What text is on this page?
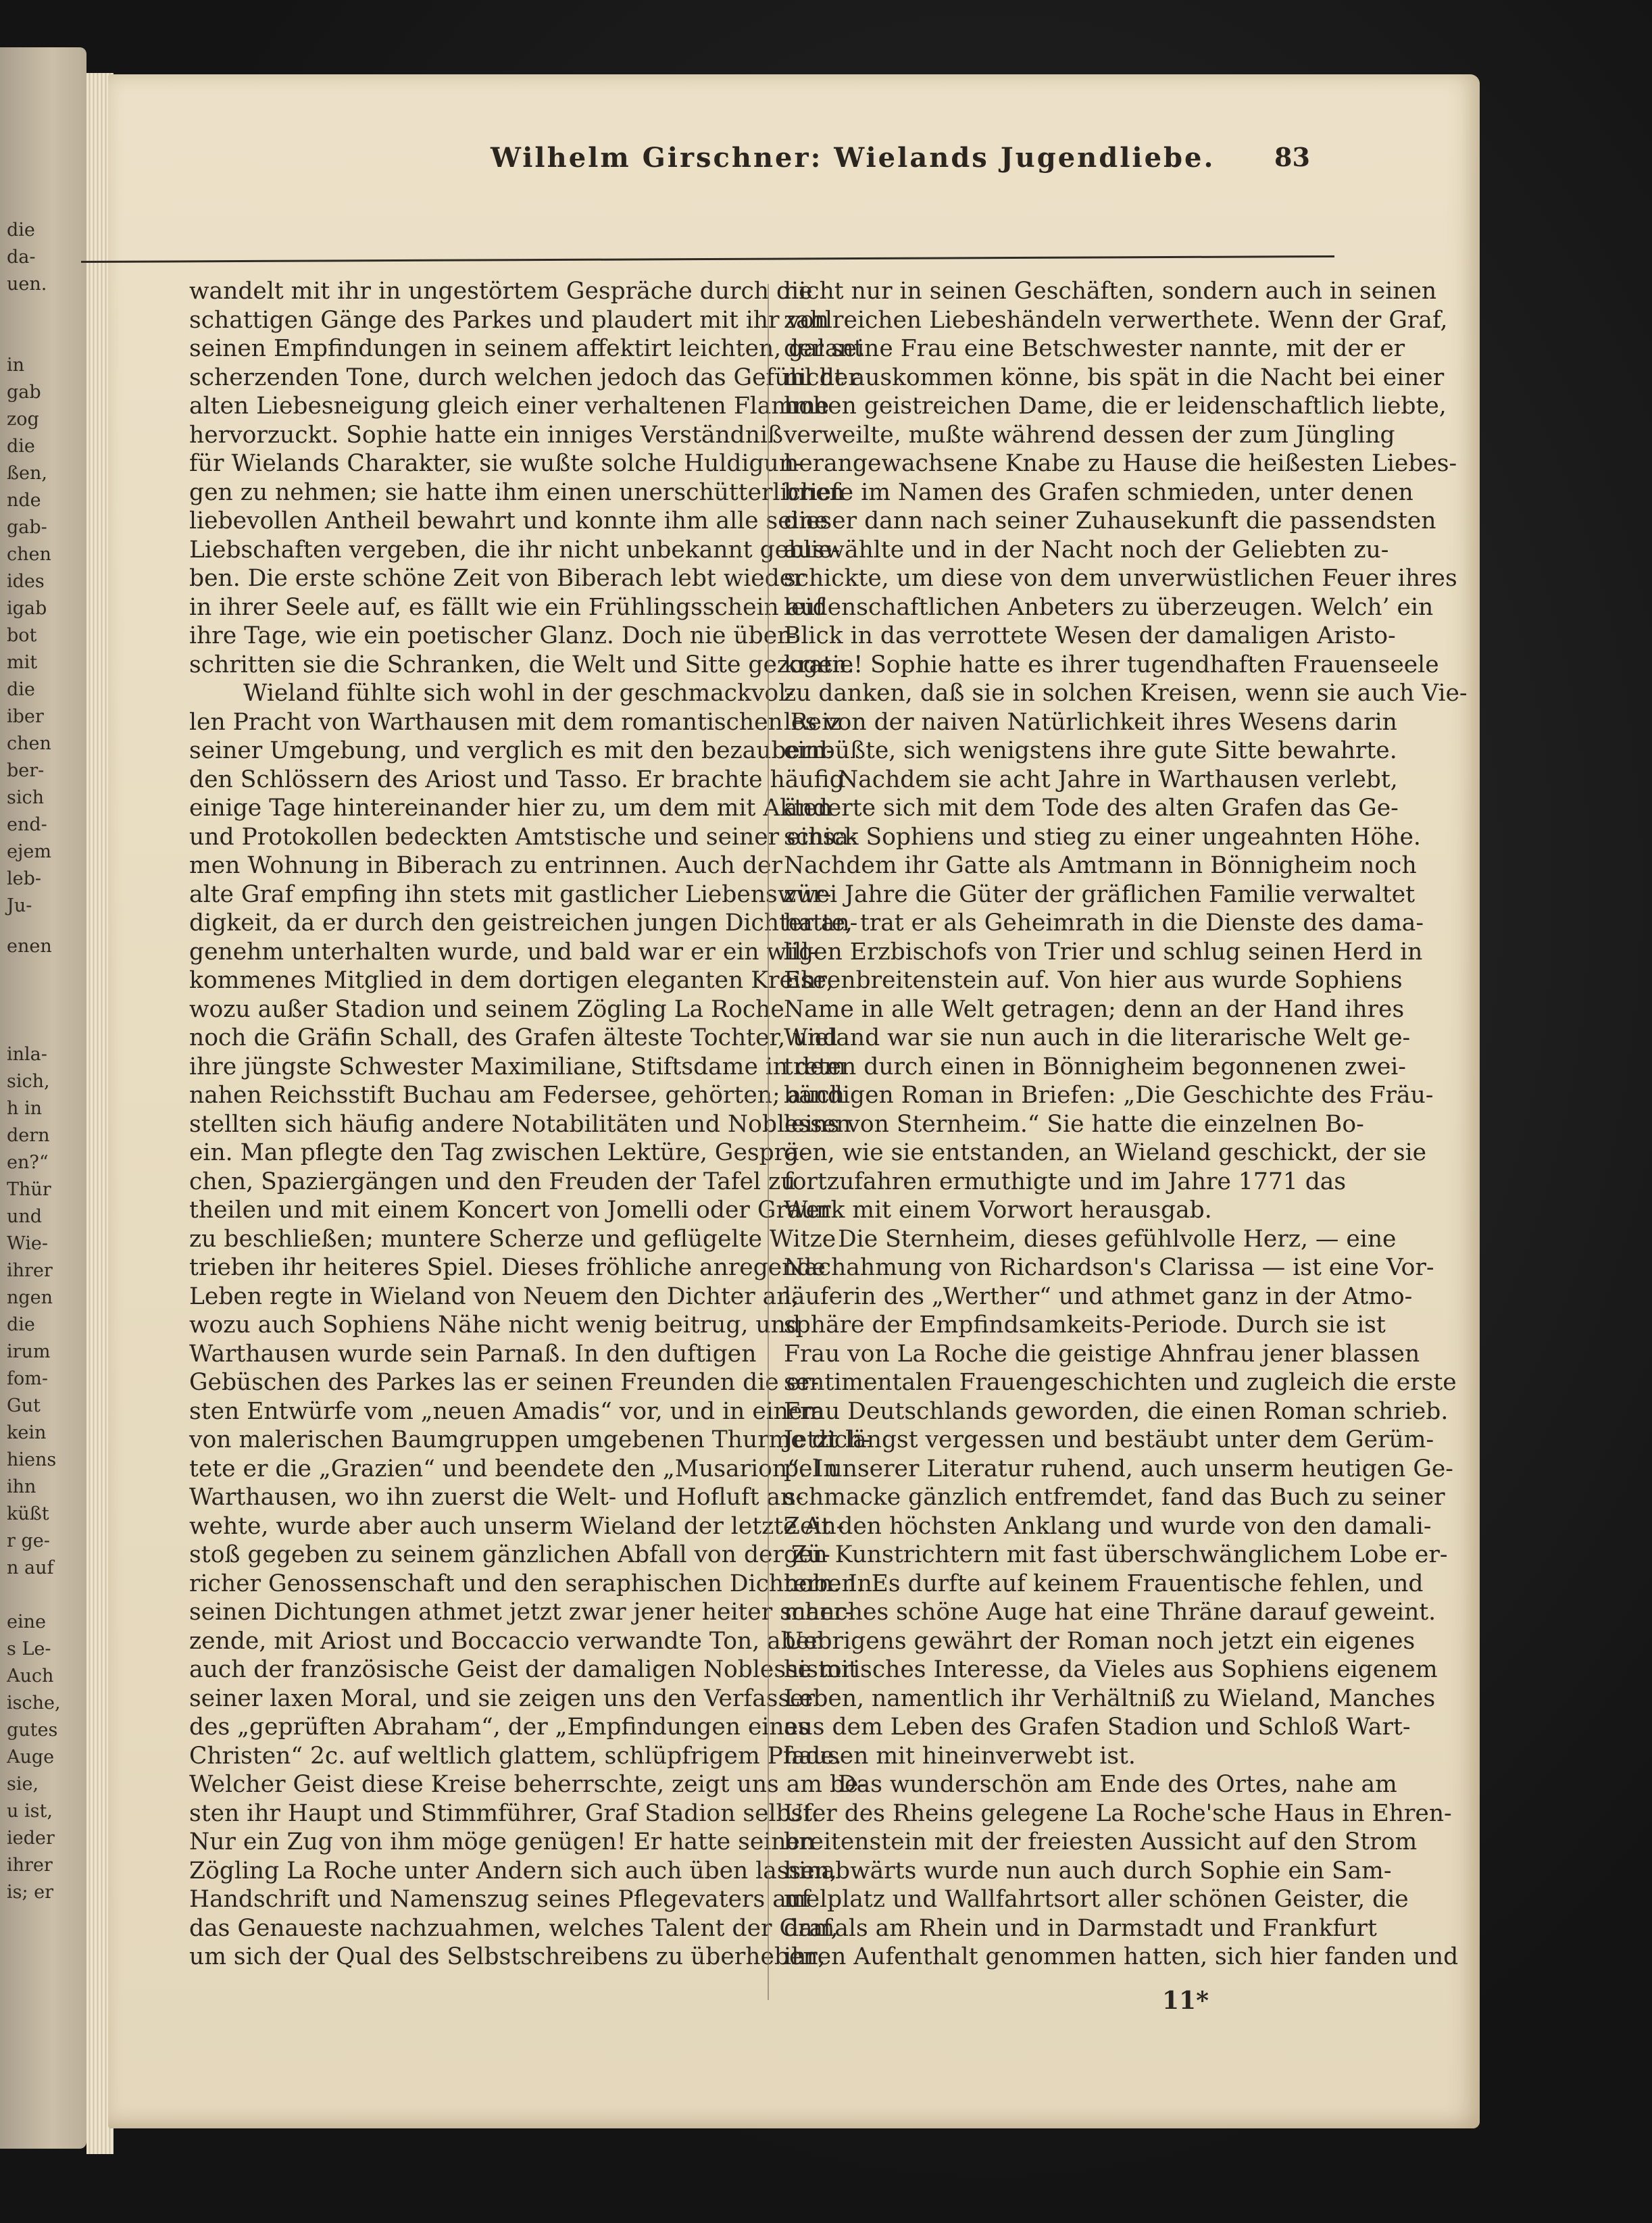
die
da-
uen.
in
gab
zog
die
ßen,
nde
gab-
chen
ides
igab
bot
mit
die
iber
chen
ber-
sich
end-
ejem
leb-
Ju-
enen
inla-
sich,
h in
dern
en?“
Thür
und
Wie-
ihrer
ngen
die
irum
fom-
Gut
kein
hiens
ihn
küßt
r ge-
n auf
eine
s Le-
Auch
ische,
gutes
Auge
sie,
u ist,
ieder
ihrer
is; er
Wilhelm Girschner: Wielands Jugendliebe. 83
wandelt mit ihr in ungestörtem Gespräche durch die
schattigen Gänge des Parkes und plaudert mit ihr von
seinen Empfindungen in seinem affektirt leichten, galant
scherzenden Tone, durch welchen jedoch das Gefühl der
alten Liebesneigung gleich einer verhaltenen Flamme
hervorzuckt. Sophie hatte ein inniges Verständniß
für Wielands Charakter, sie wußte solche Huldigun-
gen zu nehmen; sie hatte ihm einen unerschütterlichen
liebevollen Antheil bewahrt und konnte ihm alle seine
Liebschaften vergeben, die ihr nicht unbekannt geblie-
ben. Die erste schöne Zeit von Biberach lebt wieder
in ihrer Seele auf, es fällt wie ein Frühlingsschein auf
ihre Tage, wie ein poetischer Glanz. Doch nie über-
schritten sie die Schranken, die Welt und Sitte gezogen.
Wieland fühlte sich wohl in der geschmackvol-
len Pracht von Warthausen mit dem romantischen Reiz
seiner Umgebung, und verglich es mit den bezaubern-
den Schlössern des Ariost und Tasso. Er brachte häufig
einige Tage hintereinander hier zu, um dem mit Akten
und Protokollen bedeckten Amtstische und seiner einsa-
men Wohnung in Biberach zu entrinnen. Auch der
alte Graf empfing ihn stets mit gastlicher Liebenswür-
digkeit, da er durch den geistreichen jungen Dichter an-
genehm unterhalten wurde, und bald war er ein will-
kommenes Mitglied in dem dortigen eleganten Kreise,
wozu außer Stadion und seinem Zögling La Roche
noch die Gräfin Schall, des Grafen älteste Tochter, und
ihre jüngste Schwester Maximiliane, Stiftsdame in dem
nahen Reichsstift Buchau am Federsee, gehörten; auch
stellten sich häufig andere Notabilitäten und Noblessen
ein. Man pflegte den Tag zwischen Lektüre, Gesprä-
chen, Spaziergängen und den Freuden der Tafel zu
theilen und mit einem Koncert von Jomelli oder Graun
zu beschließen; muntere Scherze und geflügelte Witze
trieben ihr heiteres Spiel. Dieses fröhliche anregende
Leben regte in Wieland von Neuem den Dichter an,
wozu auch Sophiens Nähe nicht wenig beitrug, und
Warthausen wurde sein Parnaß. In den duftigen
Gebüschen des Parkes las er seinen Freunden die er-
sten Entwürfe vom „neuen Amadis“ vor, und in einem
von malerischen Baumgruppen umgebenen Thurme dich-
tete er die „Grazien“ und beendete den „Musarion“. In
Warthausen, wo ihn zuerst die Welt- und Hofluft an-
wehte, wurde aber auch unserm Wieland der letzte An-
stoß gegeben zu seinem gänzlichen Abfall von der Zü-
richer Genossenschaft und den seraphischen Dichtern. In
seinen Dichtungen athmet jetzt zwar jener heiter scher-
zende, mit Ariost und Boccaccio verwandte Ton, aber
auch der französische Geist der damaligen Noblesse mit
seiner laxen Moral, und sie zeigen uns den Verfasser
des „geprüften Abraham“, der „Empfindungen eines
Christen“ 2c. auf weltlich glattem, schlüpfrigem Pfade.
Welcher Geist diese Kreise beherrschte, zeigt uns am be-
sten ihr Haupt und Stimmführer, Graf Stadion selbst.
Nur ein Zug von ihm möge genügen! Er hatte seinen
Zögling La Roche unter Andern sich auch üben lassen,
Handschrift und Namenszug seines Pflegevaters auf
das Genaueste nachzuahmen, welches Talent der Graf,
um sich der Qual des Selbstschreibens zu überheben,
nicht nur in seinen Geschäften, sondern auch in seinen
zahlreichen Liebeshändeln verwerthete. Wenn der Graf,
der seine Frau eine Betschwester nannte, mit der er
nicht auskommen könne, bis spät in die Nacht bei einer
hohen geistreichen Dame, die er leidenschaftlich liebte,
verweilte, mußte während dessen der zum Jüngling
herangewachsene Knabe zu Hause die heißesten Liebes-
briefe im Namen des Grafen schmieden, unter denen
dieser dann nach seiner Zuhausekunft die passendsten
auswählte und in der Nacht noch der Geliebten zu-
schickte, um diese von dem unverwüstlichen Feuer ihres
leidenschaftlichen Anbeters zu überzeugen. Welch’ ein
Blick in das verrottete Wesen der damaligen Aristo-
kratie! Sophie hatte es ihrer tugendhaften Frauenseele
zu danken, daß sie in solchen Kreisen, wenn sie auch Vie-
les von der naiven Natürlichkeit ihres Wesens darin
einbüßte, sich wenigstens ihre gute Sitte bewahrte.
Nachdem sie acht Jahre in Warthausen verlebt,
änderte sich mit dem Tode des alten Grafen das Ge-
schick Sophiens und stieg zu einer ungeahnten Höhe.
Nachdem ihr Gatte als Amtmann in Bönnigheim noch
zwei Jahre die Güter der gräflichen Familie verwaltet
hatte, trat er als Geheimrath in die Dienste des dama-
ligen Erzbischofs von Trier und schlug seinen Herd in
Ehrenbreitenstein auf. Von hier aus wurde Sophiens
Name in alle Welt getragen; denn an der Hand ihres
Wieland war sie nun auch in die literarische Welt ge-
treten durch einen in Bönnigheim begonnenen zwei-
bändigen Roman in Briefen: „Die Geschichte des Fräu-
leins von Sternheim.“ Sie hatte die einzelnen Bo-
gen, wie sie entstanden, an Wieland geschickt, der sie
fortzufahren ermuthigte und im Jahre 1771 das
Werk mit einem Vorwort herausgab.
Die Sternheim, dieses gefühlvolle Herz, — eine
Nachahmung von Richardson's Clarissa — ist eine Vor-
läuferin des „Werther“ und athmet ganz in der Atmo-
sphäre der Empfindsamkeits-Periode. Durch sie ist
Frau von La Roche die geistige Ahnfrau jener blassen
sentimentalen Frauengeschichten und zugleich die erste
Frau Deutschlands geworden, die einen Roman schrieb.
Jetzt längst vergessen und bestäubt unter dem Gerüm-
pel unserer Literatur ruhend, auch unserm heutigen Ge-
schmacke gänzlich entfremdet, fand das Buch zu seiner
Zeit den höchsten Anklang und wurde von den damali-
gen Kunstrichtern mit fast überschwänglichem Lobe er-
hoben. Es durfte auf keinem Frauentische fehlen, und
manches schöne Auge hat eine Thräne darauf geweint.
Uebrigens gewährt der Roman noch jetzt ein eigenes
historisches Interesse, da Vieles aus Sophiens eigenem
Leben, namentlich ihr Verhältniß zu Wieland, Manches
aus dem Leben des Grafen Stadion und Schloß Wart-
hausen mit hineinverwebt ist.
Das wunderschön am Ende des Ortes, nahe am
Ufer des Rheins gelegene La Roche'sche Haus in Ehren-
breitenstein mit der freiesten Aussicht auf den Strom
hinabwärts wurde nun auch durch Sophie ein Sam-
melplatz und Wallfahrtsort aller schönen Geister, die
damals am Rhein und in Darmstadt und Frankfurt
ihren Aufenthalt genommen hatten, sich hier fanden und
11*
